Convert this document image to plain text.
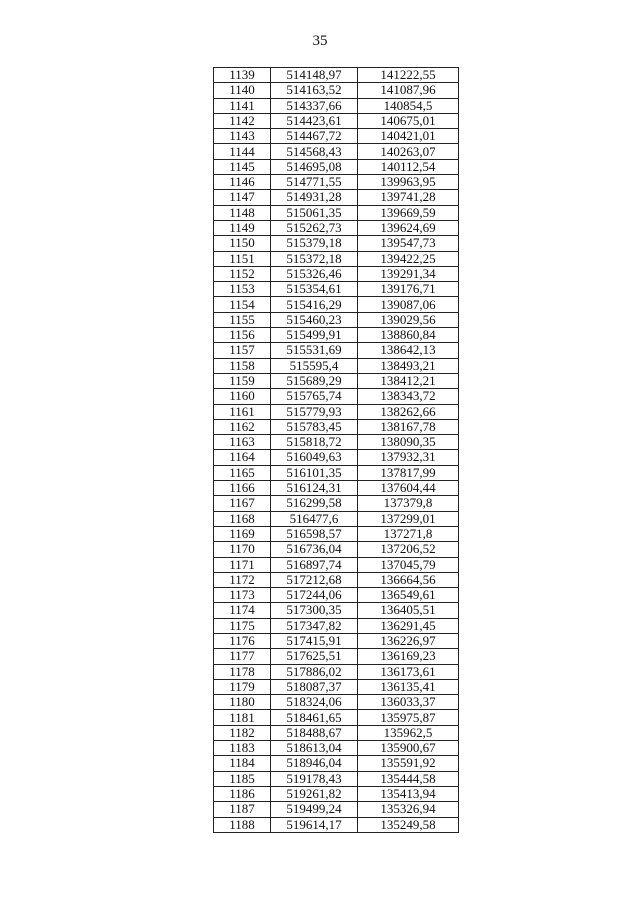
35
1139	514148,97	141222,55
1140	514163,52	141087,96
1141	514337,66	140854,5
1142	514423,61	140675,01
1143	514467,72	140421,01
1144	514568,43	140263,07
1145	514695,08	140112,54
1146	514771,55	139963,95
1147	514931,28	139741,28
1148	515061,35	139669,59
1149	515262,73	139624,69
1150	515379,18	139547,73
1151	515372,18	139422,25
1152	515326,46	139291,34
1153	515354,61	139176,71
1154	515416,29	139087,06
1155	515460,23	139029,56
1156	515499,91	138860,84
1157	515531,69	138642,13
1158	515595,4	138493,21
1159	515689,29	138412,21
1160	515765,74	138343,72
1161	515779,93	138262,66
1162	515783,45	138167,78
1163	515818,72	138090,35
1164	516049,63	137932,31
1165	516101,35	137817,99
1166	516124,31	137604,44
1167	516299,58	137379,8
1168	516477,6	137299,01
1169	516598,57	137271,8
1170	516736,04	137206,52
1171	516897,74	137045,79
1172	517212,68	136664,56
1173	517244,06	136549,61
1174	517300,35	136405,51
1175	517347,82	136291,45
1176	517415,91	136226,97
1177	517625,51	136169,23
1178	517886,02	136173,61
1179	518087,37	136135,41
1180	518324,06	136033,37
1181	518461,65	135975,87
1182	518488,67	135962,5
1183	518613,04	135900,67
1184	518946,04	135591,92
1185	519178,43	135444,58
1186	519261,82	135413,94
1187	519499,24	135326,94
1188	519614,17	135249,58
